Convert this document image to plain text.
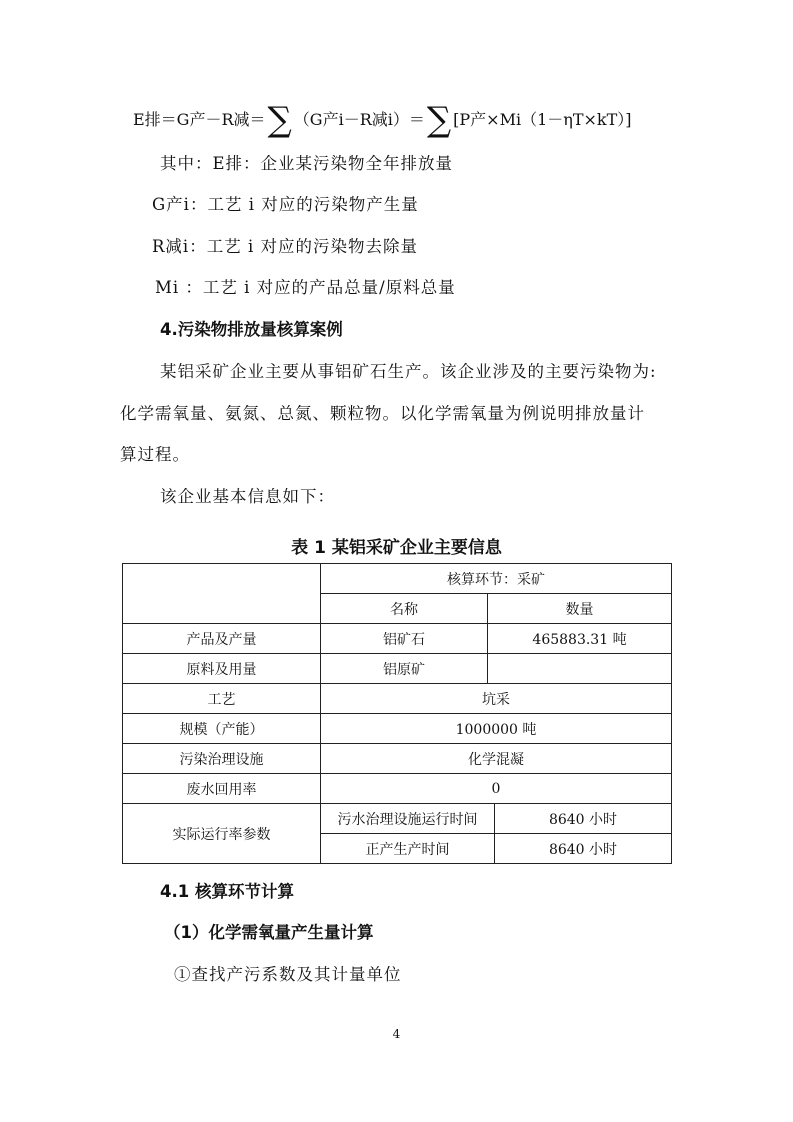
E排＝G产－R减＝ ∑ （G产i－R减i）＝ ∑ [P产×Mi（1－ηT×kT）]
其中：E排：企业某污染物全年排放量
G产i：工艺 i 对应的污染物产生量
R减i：工艺 i 对应的污染物去除量
Mi ：工艺 i 对应的产品总量/原料总量
4.污染物排放量核算案例
某铝采矿企业主要从事铝矿石生产。该企业涉及的主要污染物为:
化学需氧量、氨氮、总氮、颗粒物。以化学需氧量为例说明排放量计
算过程。
该企业基本信息如下：
表 1 某铝采矿企业主要信息
	核算环节：采矿		
	名称	数量	
产品及产量	铝矿石	465883.31 吨	
原料及用量	铝原矿		
工艺	坑采		
规模（产能）	1000000 吨		
污染治理设施	化学混凝		
废水回用率	0		
实际运行率参数	污水治理设施运行时间		8640 小时
	正产生产时间		8640 小时
4.1 核算环节计算
（1）化学需氧量产生量计算
①查找产污系数及其计量单位
4
